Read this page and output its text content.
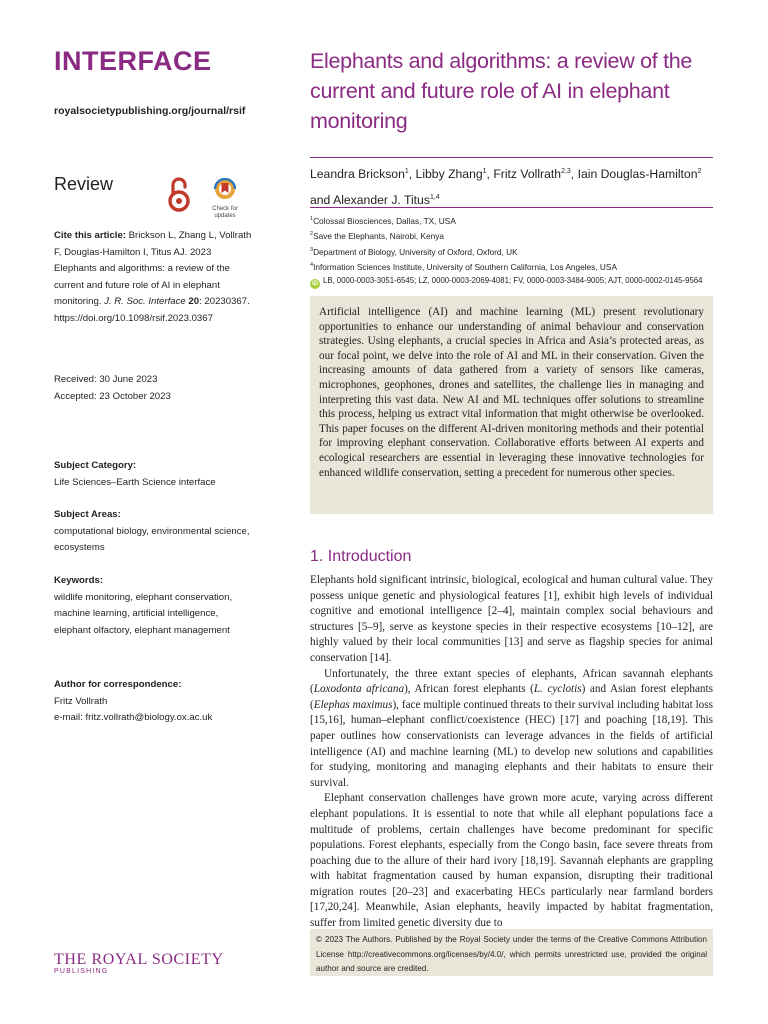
INTERFACE
royalsocietypublishing.org/journal/rsif
Review
Check for
updates
Cite this article: Brickson L, Zhang L, Vollrath F, Douglas-Hamilton I, Titus AJ. 2023 Elephants and algorithms: a review of the current and future role of AI in elephant monitoring. J. R. Soc. Interface 20: 20230367.
https://doi.org/10.1098/rsif.2023.0367
Received: 30 June 2023
Accepted: 23 October 2023
Subject Category:
Life Sciences–Earth Science interface
Subject Areas:
computational biology, environmental science, ecosystems
Keywords:
wildlife monitoring, elephant conservation,
machine learning, artificial intelligence,
elephant olfactory, elephant management
Author for correspondence:
Fritz Vollrath
e-mail: fritz.vollrath@biology.ox.ac.uk
THE ROYAL SOCIETY
PUBLISHING
Elephants and algorithms: a review of the current and future role of AI in elephant monitoring
Leandra Brickson$^1$, Libby Zhang$^1$, Fritz Vollrath$^{2,3}$, Iain Douglas-Hamilton$^2$ and Alexander J. Titus$^{1,4}$
$^1$Colossal Biosciences, Dallas, TX, USA
$^2$Save the Elephants, Nairobi, Kenya
$^3$Department of Biology, University of Oxford, Oxford, UK
$^4$Information Sciences Institute, University of Southern California, Los Angeles, USA
iD LB, 0000-0003-3051-6545; LZ, 0000-0003-2069-4081; FV, 0000-0003-3484-9005; AJT, 0000-0002-0145-9564
Artificial intelligence (AI) and machine learning (ML) present revolutionary opportunities to enhance our understanding of animal behaviour and conservation strategies. Using elephants, a crucial species in Africa and Asia’s protected areas, as our focal point, we delve into the role of AI and ML in their conservation. Given the increasing amounts of data gathered from a variety of sensors like cameras, microphones, geophones, drones and satellites, the challenge lies in managing and interpreting this vast data. New AI and ML techniques offer solutions to streamline this process, helping us extract vital information that might otherwise be overlooked. This paper focuses on the different AI-driven monitoring methods and their potential for improving elephant conservation. Collaborative efforts between AI experts and ecological researchers are essential in leveraging these innovative technologies for enhanced wildlife conservation, setting a precedent for numerous other species.
1. Introduction

Elephants hold significant intrinsic, biological, ecological and human cultural value. They possess unique genetic and physiological features [1], exhibit high levels of individual cognitive and emotional intelligence [2–4], maintain complex social behaviours and structures [5–9], serve as keystone species in their respective ecosystems [10–12], are highly valued by their local communities [13] and serve as flagship species for animal conservation [14].

Unfortunately, the three extant species of elephants, African savannah elephants (Loxodonta africana), African forest elephants (L. cyclotis) and Asian forest elephants (Elephas maximus), face multiple continued threats to their survival including habitat loss [15,16], human–elephant conflict/coexistence (HEC) [17] and poaching [18,19]. This paper outlines how conservationists can leverage advances in the fields of artificial intelligence (AI) and machine learning (ML) to develop new solutions and capabilities for studying, monitoring and managing elephants and their habitats to ensure their survival.

Elephant conservation challenges have grown more acute, varying across different elephant populations. It is essential to note that while all elephant populations face a multitude of problems, certain challenges have become predominant for specific populations. Forest elephants, especially from the Congo basin, face severe threats from poaching due to the allure of their hard ivory [18,19]. Savannah elephants are grappling with habitat fragmentation caused by human expansion, disrupting their traditional migration routes [20–23] and exacerbating HECs particularly near farmland borders [17,20,24]. Meanwhile, Asian elephants, heavily impacted by habitat fragmentation, suffer from limited genetic diversity due to

© 2023 The Authors. Published by the Royal Society under the terms of the Creative Commons Attribution License http://creativecommons.org/licenses/by/4.0/, which permits unrestricted use, provided the original author and source are credited.
